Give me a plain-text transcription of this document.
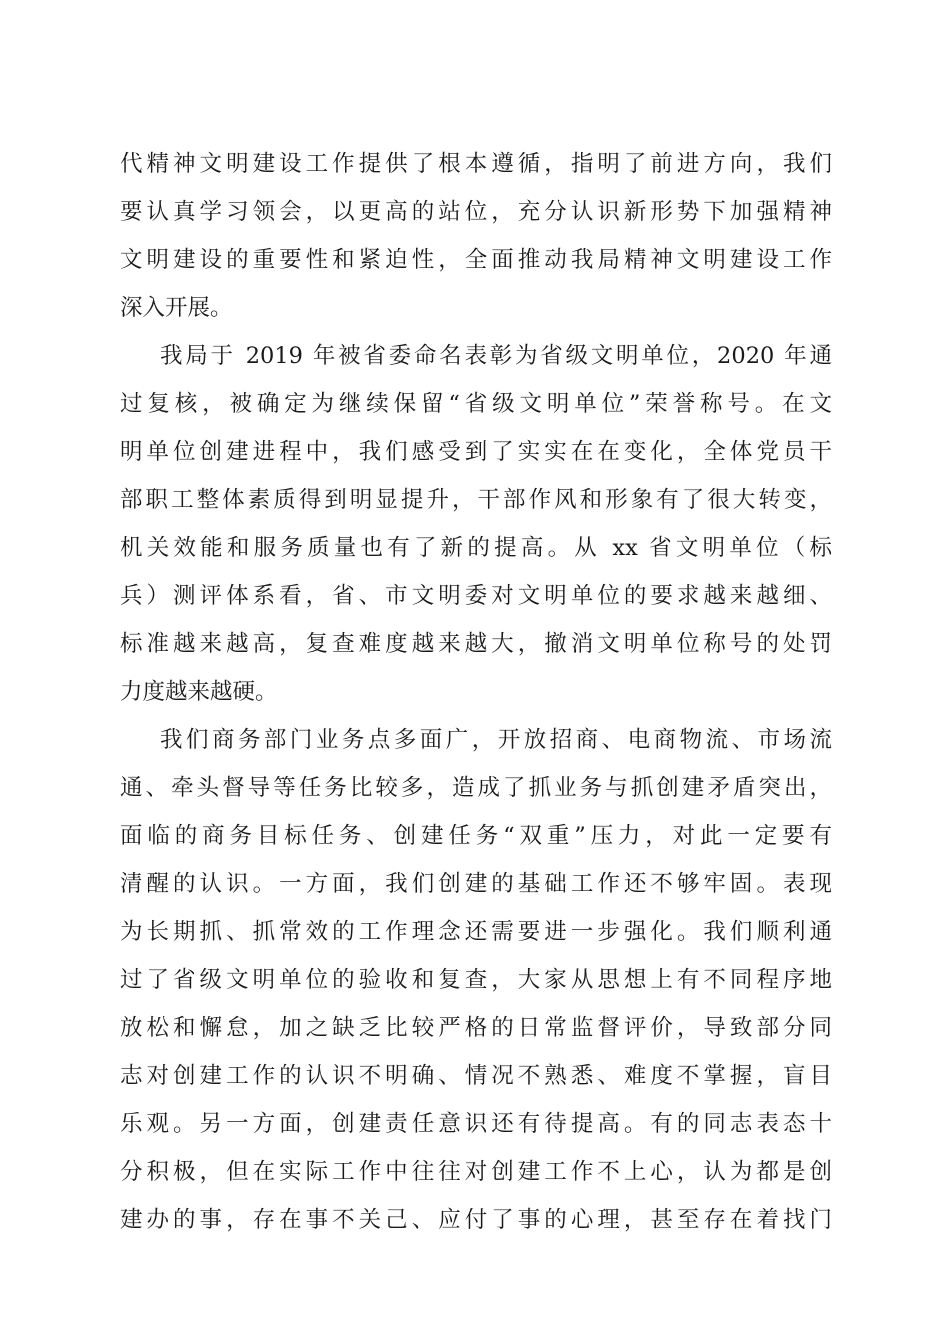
代精神文明建设工作提供了根本遵循，指明了前进方向，我们
要认真学习领会，以更高的站位，充分认识新形势下加强精神
文明建设的重要性和紧迫性，全面推动我局精神文明建设工作
深入开展。
我局于 2019 年被省委命名表彰为省级文明单位，2020 年通
过复核，被确定为继续保留“省级文明单位”荣誉称号。在文
明单位创建进程中，我们感受到了实实在在变化，全体党员干
部职工整体素质得到明显提升，干部作风和形象有了很大转变，
机关效能和服务质量也有了新的提高。从 xx 省文明单位（标
兵）测评体系看，省、市文明委对文明单位的要求越来越细、
标准越来越高，复查难度越来越大，撤消文明单位称号的处罚
力度越来越硬。
我们商务部门业务点多面广，开放招商、电商物流、市场流
通、牵头督导等任务比较多，造成了抓业务与抓创建矛盾突出，
面临的商务目标任务、创建任务“双重”压力，对此一定要有
清醒的认识。一方面，我们创建的基础工作还不够牢固。表现
为长期抓、抓常效的工作理念还需要进一步强化。我们顺利通
过了省级文明单位的验收和复查，大家从思想上有不同程序地
放松和懈怠，加之缺乏比较严格的日常监督评价，导致部分同
志对创建工作的认识不明确、情况不熟悉、难度不掌握，盲目
乐观。另一方面，创建责任意识还有待提高。有的同志表态十
分积极，但在实际工作中往往对创建工作不上心，认为都是创
建办的事，存在事不关己、应付了事的心理，甚至存在着找门
